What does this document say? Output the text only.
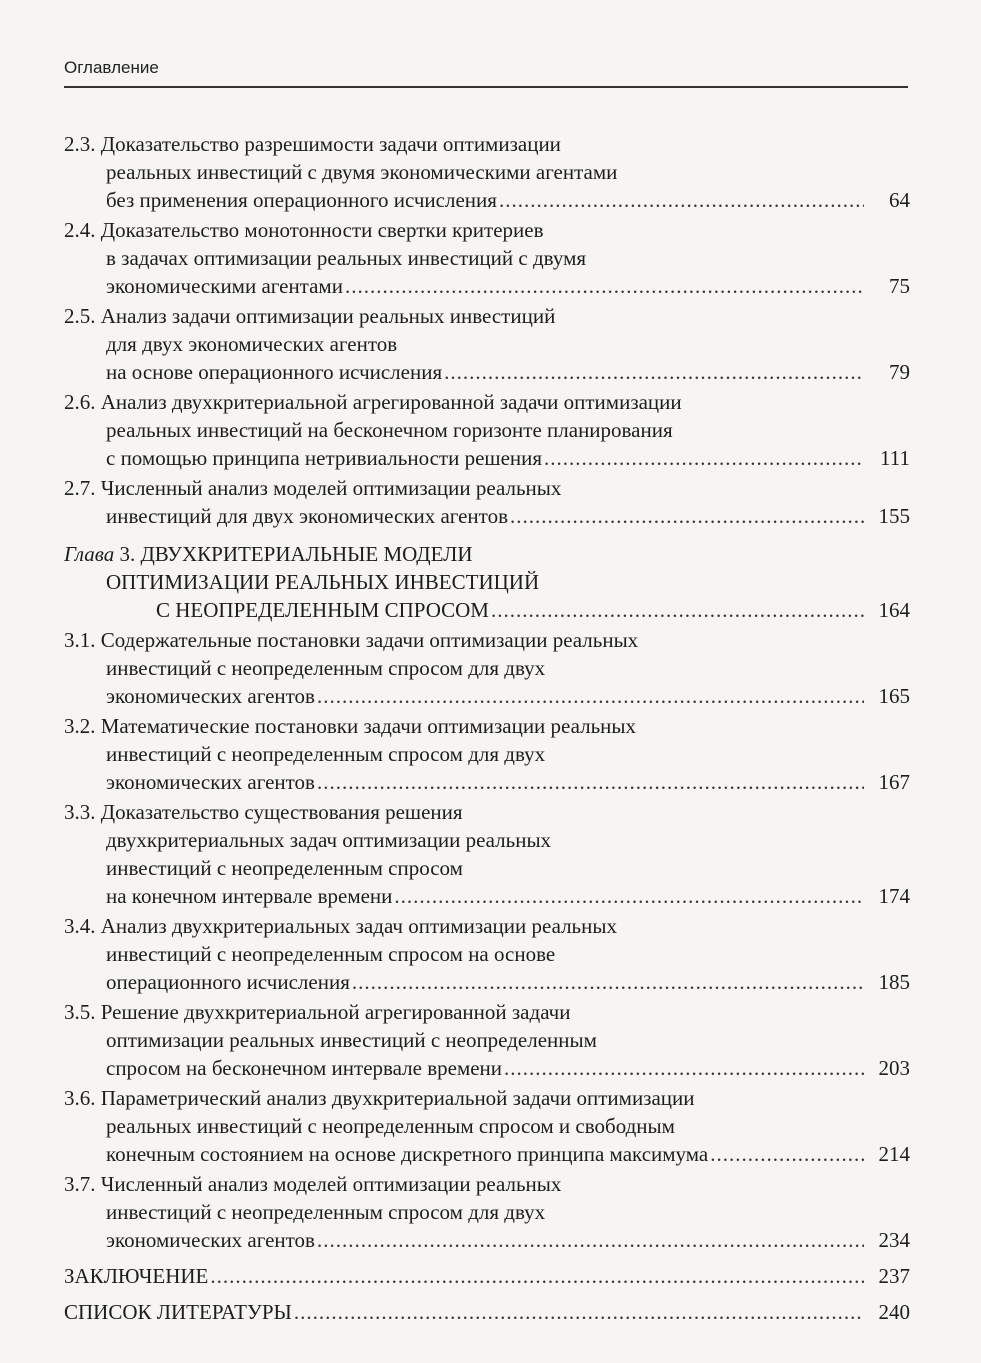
Оглавление
2.3. Доказательство разрешимости задачи оптимизации
реальных инвестиций с двумя экономическими агентами
без применения операционного исчисления .....	64
2.4. Доказательство монотонности свертки критериев
в задачах оптимизации реальных инвестиций с двумя
экономическими агентами .....	75
2.5. Анализ задачи оптимизации реальных инвестиций
для двух экономических агентов
на основе операционного исчисления .....	79
2.6. Анализ двухкритериальной агрегированной задачи оптимизации
реальных инвестиций на бесконечном горизонте планирования
с помощью принципа нетривиальности решения .....	111
2.7. Численный анализ моделей оптимизации реальных
инвестиций для двух экономических агентов .....	155
Глава 3. ДВУХКРИТЕРИАЛЬНЫЕ МОДЕЛИ
ОПТИМИЗАЦИИ РЕАЛЬНЫХ ИНВЕСТИЦИЙ
С НЕОПРЕДЕЛЕННЫМ СПРОСОМ .....	164
3.1. Содержательные постановки задачи оптимизации реальных
инвестиций с неопределенным спросом для двух
экономических агентов .....	165
3.2. Математические постановки задачи оптимизации реальных
инвестиций с неопределенным спросом для двух
экономических агентов .....	167
3.3. Доказательство существования решения
двухкритериальных задач оптимизации реальных
инвестиций с неопределенным спросом
на конечном интервале времени .....	174
3.4. Анализ двухкритериальных задач оптимизации реальных
инвестиций с неопределенным спросом на основе
операционного исчисления .....	185
3.5. Решение двухкритериальной агрегированной задачи
оптимизации реальных инвестиций с неопределенным
спросом на бесконечном интервале времени .....	203
3.6. Параметрический анализ двухкритериальной задачи оптимизации
реальных инвестиций с неопределенным спросом и свободным
конечным состоянием на основе дискретного принципа максимума .....	214
3.7. Численный анализ моделей оптимизации реальных
инвестиций с неопределенным спросом для двух
экономических агентов .....	234
ЗАКЛЮЧЕНИЕ .....	237
СПИСОК ЛИТЕРАТУРЫ .....	240
